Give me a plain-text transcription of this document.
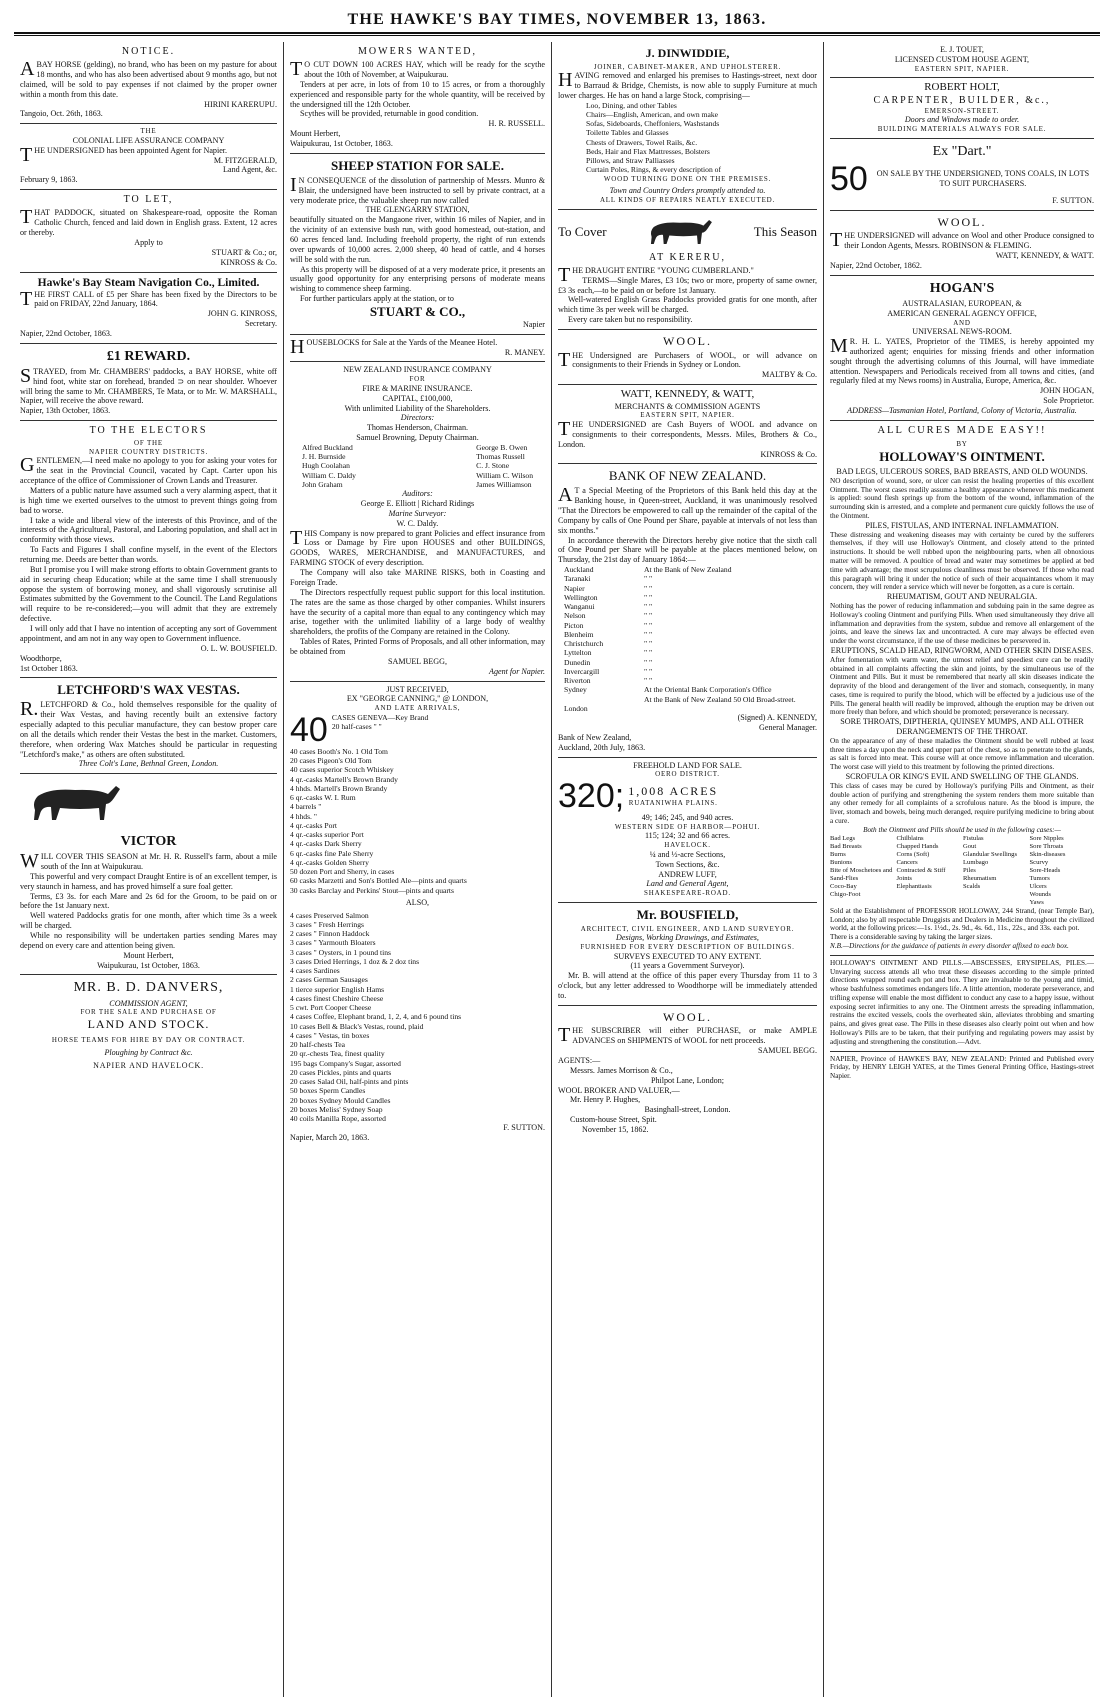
THE HAWKE'S BAY TIMES, NOVEMBER 13, 1863.
NOTICE.
ABAY HORSE (gelding), no brand, who has been on my pasture for about 18 months, and who has also been advertised about 9 months ago, but not claimed, will be sold to pay expenses if not claimed by the proper owner within a month from this date.
HIRINI KARERUPU.
Tangoio, Oct. 26th, 1863.
THE
COLONIAL LIFE ASSURANCE COMPANY
THE UNDERSIGNED has been appointed Agent for Napier.
M. FITZGERALD,
Land Agent, &c.
February 9, 1863.
TO LET,
THAT PADDOCK, situated on Shakespeare-road, opposite the Roman Catholic Church, fenced and laid down in English grass. Extent, 12 acres or thereby.
Apply to
STUART & Co.; or,
KINROSS & Co.
Hawke's Bay Steam Navigation Co., Limited.
THE FIRST CALL of £5 per Share has been fixed by the Directors to be paid on FRIDAY, 22nd January, 1864.
JOHN G. KINROSS,
Secretary.
Napier, 22nd October, 1863.
£1 REWARD.
STRAYED, from Mr. CHAMBERS' paddocks, a BAY HORSE, white off hind foot, white star on forehead, branded ⊃ on near shoulder. Whoever will bring the same to Mr. CHAMBERS, Te Mata, or to Mr. W. MARSHALL, Napier, will receive the above reward.
Napier, 13th October, 1863.
TO THE ELECTORS
OF THE
NAPIER COUNTRY DISTRICTS.
GENTLEMEN,—I need make no apology to you for asking your votes for the seat in the Provincial Council, vacated by Capt. Carter upon his acceptance of the office of Commissioner of Crown Lands and Treasurer.
Matters of a public nature have assumed such a very alarming aspect, that it is high time we exerted ourselves to the utmost to prevent things going from bad to worse.
I take a wide and liberal view of the interests of this Province, and of the interests of the Agricultural, Pastoral, and Laboring population, and shall act in conformity with those views.
To Facts and Figures I shall confine myself, in the event of the Electors returning me. Deeds are better than words.
But I promise you I will make strong efforts to obtain Government grants to aid in securing cheap Education; while at the same time I shall strenuously oppose the system of borrowing money, and shall vigorously scrutinise all Estimates submitted by the Government to the Council. The Land Regulations will require to be re-considered;—you will admit that they are extremely defective.
I will only add that I have no intention of accepting any sort of Government appointment, and am not in any way open to Government influence.
O. L. W. BOUSFIELD.
Woodthorpe,
1st October 1863.
LETCHFORD'S WAX VESTAS.
R.LETCHFORD & Co., hold themselves responsible for the quality of their Wax Vestas, and having recently built an extensive factory especially adapted to this peculiar manufacture, they can bestow proper care on all the details which render their Vestas the best in the market. Customers, therefore, when ordering Wax Matches should be particular in requesting "Letchford's make," as others are often substituted.
Three Colt's Lane, Bethnal Green, London.
VICTOR
WILL COVER THIS SEASON at Mr. H. R. Russell's farm, about a mile south of the Inn at Waipukurau.
This powerful and very compact Draught Entire is of an excellent temper, is very staunch in harness, and has proved himself a sure foal getter.
Terms, £3 3s. for each Mare and 2s 6d for the Groom, to be paid on or before the 1st January next.
Well watered Paddocks gratis for one month, after which time 3s a week will be charged.
While no responsibility will be undertaken parties sending Mares may depend on every care and attention being given.
Mount Herbert,
Waipukurau, 1st October, 1863.
MR. B. D. DANVERS,
COMMISSION AGENT,
FOR THE SALE AND PURCHASE OF
LAND AND STOCK.
HORSE TEAMS FOR HIRE BY DAY OR CONTRACT.
Ploughing by Contract &c.
NAPIER AND HAVELOCK.
MOWERS WANTED,
TO CUT DOWN 100 ACRES HAY, which will be ready for the scythe about the 10th of November, at Waipukurau.
Tenders at per acre, in lots of from 10 to 15 acres, or from a thoroughly experienced and responsible party for the whole quantity, will be received by the undersigned till the 12th October.
Scythes will be provided, returnable in good condition.
H. R. RUSSELL.
Mount Herbert,
Waipukurau, 1st October, 1863.
SHEEP STATION FOR SALE.
IN CONSEQUENCE of the dissolution of partnership of Messrs. Munro & Blair, the undersigned have been instructed to sell by private contract, at a very moderate price, the valuable sheep run now called
THE GLENGARRY STATION,
beautifully situated on the Mangaone river, within 16 miles of Napier, and in the vicinity of an extensive bush run, with good homestead, out-station, and 60 acres fenced land. Including freehold property, the right of run extends over upwards of 10,000 acres. 2,000 sheep, 40 head of cattle, and 4 horses will be sold with the run.
As this property will be disposed of at a very moderate price, it presents an usually good opportunity for any enterprising persons of moderate means wishing to commence sheep farming.
For further particulars apply at the station, or to
STUART & CO.,
Napier
HOUSEBLOCKS for Sale at the Yards of the Meanee Hotel.
R. MANEY.
NEW ZEALAND INSURANCE COMPANY
FOR
FIRE & MARINE INSURANCE.
CAPITAL, £100,000,
With unlimited Liability of the Shareholders.
Directors:
Thomas Henderson, Chairman.
Samuel Browning, Deputy Chairman.
Alfred Buckland
J. H. Burnside
Hugh Coolahan
William C. Daldy
John Graham
George B. Owen
Thomas Russell
C. J. Stone
William C. Wilson
James Williamson
Auditors:
George E. Elliott | Richard Ridings
Marine Surveyor:
W. C. Daldy.
THIS Company is now prepared to grant Policies and effect insurance from Loss or Damage by Fire upon HOUSES and other BUILDINGS, GOODS, WARES, MERCHANDISE, and MANUFACTURES, and FARMING STOCK of every description.
The Company will also take MARINE RISKS, both in Coasting and Foreign Trade.
The Directors respectfully request public support for this local institution. The rates are the same as those charged by other companies. Whilst insurers have the security of a capital more than equal to any contingency which may arise, together with the unlimited liability of a large body of wealthy shareholders, the profits of the Company are retained in the Colony.
Tables of Rates, Printed Forms of Proposals, and all other information, may be obtained from
SAMUEL BEGG,
Agent for Napier.
JUST RECEIVED,
EX "GEORGE CANNING," @ LONDON,
AND LATE ARRIVALS,
40 CASES GENEVA—Key Brand
20 half-cases " "
40 cases Booth's No. 1 Old Tom
20 cases Pigeon's Old Tom
40 cases superior Scotch Whiskey
4 qr.-casks Martell's Brown Brandy
4 hhds. Martell's Brown Brandy
6 qr.-casks W. I. Rum
4 barrels "
4 hhds. "
4 qr.-casks Port
4 qr.-casks superior Port
4 qr.-casks Dark Sherry
6 qr.-casks fine Pale Sherry
4 qr.-casks Golden Sherry
50 dozen Port and Sherry, in cases
60 casks Marzetti and Son's Bottled Ale—pints and quarts
30 casks Barclay and Perkins' Stout—pints and quarts
ALSO,
4 cases Preserved Salmon
3 cases " Fresh Herrings
2 cases " Finnon Haddock
3 cases " Yarmouth Bloaters
3 cases " Oysters, in 1 pound tins
3 cases Dried Herrings, 1 doz & 2 doz tins
4 cases Sardines
2 cases German Sausages
1 tierce superior English Hams
4 cases finest Cheshire Cheese
5 cwt. Port Cooper Cheese
4 cases Coffee, Elephant brand, 1, 2, 4, and 6 pound tins
10 cases Bell & Black's Vestas, round, plaid
4 cases " Vestas, tin boxes
20 half-chests Tea
20 qr.-chests Tea, finest quality
195 bags Company's Sugar, assorted
20 cases Pickles, pints and quarts
20 cases Salad Oil, half-pints and pints
50 boxes Sperm Candles
20 boxes Sydney Mould Candles
20 boxes Meliss' Sydney Soap
40 coils Manilla Rope, assorted
F. SUTTON.
Napier, March 20, 1863.
J. DINWIDDIE,
JOINER, CABINET-MAKER, AND UPHOLSTERER.
HAVING removed and enlarged his premises to Hastings-street, next door to Barraud & Bridge, Chemists, is now able to supply Furniture at much lower charges. He has on hand a large Stock, comprising—
Loo, Dining, and other Tables
Chairs—English, American, and own make
Sofas, Sideboards, Cheffoniers, Washstands
Toilette Tables and Glasses
Chests of Drawers, Towel Rails, &c.
Beds, Hair and Flax Mattresses, Bolsters
Pillows, and Straw Palliasses
Curtain Poles, Rings, & every description of
WOOD TURNING DONE ON THE PREMISES.
Town and Country Orders promptly attended to.
ALL KINDS OF REPAIRS NEATLY EXECUTED.
To Cover	This Season
AT KERERU,
THE DRAUGHT ENTIRE "YOUNG CUMBERLAND."
TERMS—Single Mares, £3 10s; two or more, property of same owner, £3 3s each,—to be paid on or before 1st January.
Well-watered English Grass Paddocks provided gratis for one month, after which time 3s per week will be charged.
Every care taken but no responsibility.
WOOL.
THE Undersigned are Purchasers of WOOL, or will advance on consignments to their Friends in Sydney or London.
MALTBY & Co.
WATT, KENNEDY, & WATT,
MERCHANTS & COMMISSION AGENTS
EASTERN SPIT, NAPIER.
THE UNDERSIGNED are Cash Buyers of WOOL and advance on consignments to their correspondents, Messrs. Miles, Brothers & Co., London.
KINROSS & Co.
BANK OF NEW ZEALAND.
AT a Special Meeting of the Proprietors of this Bank held this day at the Banking house, in Queen-street, Auckland, it was unanimously resolved "That the Directors be empowered to call up the remainder of the capital of the Company by calls of One Pound per Share, payable at intervals of not less than six months."
In accordance therewith the Directors hereby give notice that the sixth call of One Pound per Share will be payable at the places mentioned below, on Thursday, the 21st day of January 1864:—
Auckland
Taranaki
Napier
Wellington
Wanganui
Nelson
Picton
Blenheim
Christchurch
Lyttelton
Dunedin
Invercargill
Riverton
Sydney

London
At the Bank of New Zealand
" "
" "
" "
" "
" "
" "
" "
" "
" "
" "
" "
" "
At the Oriental Bank Corporation's Office
At the Bank of New Zealand 50 Old Broad-street.
(Signed) A. KENNEDY,
General Manager.
Bank of New Zealand,
Auckland, 20th July, 1863.
FREEHOLD LAND FOR SALE.
OERO DISTRICT.
320; 1,008 ACRES
RUATANIWHA PLAINS.
49; 146; 245, and 940 acres.
WESTERN SIDE OF HARBOR—POHUI.
115; 124; 32 and 66 acres.
HAVELOCK.
¼ and ½-acre Sections,
Town Sections, &c.
ANDREW LUFF,
Land and General Agent,
SHAKESPEARE-ROAD.
Mr. BOUSFIELD,
ARCHITECT, CIVIL ENGINEER, AND LAND SURVEYOR.
Designs, Working Drawings, and Estimates,
FURNISHED FOR EVERY DESCRIPTION OF BUILDINGS.
SURVEYS EXECUTED TO ANY EXTENT.
(11 years a Government Surveyor).
Mr. B. will attend at the office of this paper every Thursday from 11 to 3 o'clock, but any letter addressed to Woodthorpe will be immediately attended to.
WOOL.
THE SUBSCRIBER will either PURCHASE, or make AMPLE ADVANCES on SHIPMENTS of WOOL for nett proceeds.
SAMUEL BEGG.
AGENTS:—
Messrs. James Morrison & Co.,
Philpot Lane, London;
WOOL BROKER AND VALUER,—
Mr. Henry P. Hughes,
Basinghall-street, London.
Custom-house Street, Spit.
November 15, 1862.
E. J. TOUET,
LICENSED CUSTOM HOUSE AGENT,
EASTERN SPIT, NAPIER.
ROBERT HOLT,
CARPENTER, BUILDER, &c.,
EMERSON-STREET.
Doors and Windows made to order.
BUILDING MATERIALS ALWAYS FOR SALE.
Ex "Dart."
50	ON SALE BY THE UNDERSIGNED, TONS COALS, IN LOTS TO SUIT PURCHASERS.
F. SUTTON.
WOOL.
THE UNDERSIGNED will advance on Wool and other Produce consigned to their London Agents, Messrs. ROBINSON & FLEMING.
WATT, KENNEDY, & WATT.
Napier, 22nd October, 1862.
HOGAN'S
AUSTRALASIAN, EUROPEAN, &
AMERICAN GENERAL AGENCY OFFICE,
AND
UNIVERSAL NEWS-ROOM.
MR. H. L. YATES, Proprietor of the TIMES, is hereby appointed my authorized agent; enquiries for missing friends and other information sought through the advertising columns of this Journal, will have immediate attention. Newspapers and Periodicals received from all towns and cities, (and regularly filed at my News rooms) in Australia, Europe, America, &c.
JOHN HOGAN,
Sole Proprietor.
ADDRESS—Tasmanian Hotel, Portland, Colony of Victoria, Australia.
ALL CURES MADE EASY!!
BY
HOLLOWAY'S OINTMENT.
BAD LEGS, ULCEROUS SORES, BAD BREASTS, AND OLD WOUNDS.
NO description of wound, sore, or ulcer can resist the healing properties of this excellent Ointment. The worst cases readily assume a healthy appearance whenever this medicament is applied: sound flesh springs up from the bottom of the wound, inflammation of the surrounding skin is arrested, and a complete and permanent cure quickly follows the use of the Ointment.
PILES, FISTULAS, AND INTERNAL INFLAMMATION.
These distressing and weakening diseases may with certainty be cured by the sufferers themselves, if they will use Holloway's Ointment, and closely attend to the printed instructions. It should be well rubbed upon the neighbouring parts, when all obnoxious matter will be removed. A poultice of bread and water may sometimes be applied at bed time with advantage; the most scrupulous cleanliness must be observed. If those who read this paragraph will bring it under the notice of such of their acquaintances whom it may concern, they will render a service which will never be forgotten, as a cure is certain.
RHEUMATISM, GOUT AND NEURALGIA.
Nothing has the power of reducing inflammation and subduing pain in the same degree as Holloway's cooling Ointment and purifying Pills. When used simultaneously they drive all inflammation and depravities from the system, subdue and remove all enlargement of the joints, and leave the sinews lax and uncontracted. A cure may always be effected even under the worst circumstance, if the use of these medicines be persevered in.
ERUPTIONS, SCALD HEAD, RINGWORM, AND OTHER SKIN DISEASES.
After fomentation with warm water, the utmost relief and speediest cure can be readily obtained in all complaints affecting the skin and joints, by the simultaneous use of the Ointment and Pills. But it must be remembered that nearly all skin diseases indicate the depravity of the blood and derangement of the liver and stomach, consequently, in many cases, time is required to purify the blood, which will be effected by a judicious use of the Pills. The general health will readily be improved, although the eruption may be driven out more freely than before, and which should be promoted; perseverance is necessary.
SORE THROATS, DIPTHERIA, QUINSEY MUMPS, AND ALL OTHER DERANGEMENTS OF THE THROAT.
On the appearance of any of these maladies the Ointment should be well rubbed at least three times a day upon the neck and upper part of the chest, so as to penetrate to the glands, as salt is forced into meat. This course will at once remove inflammation and ulceration. The worst case will yield to this treatment by following the printed directions.
SCROFULA OR KING'S EVIL AND SWELLING OF THE GLANDS.
This class of cases may be cured by Holloway's purifying Pills and Ointment, as their double action of purifying and strengthening the system renders them more suitable than any other remedy for all complaints of a scrofulous nature. As the blood is impure, the liver, stomach and bowels, being much deranged, require purifying medicine to bring about a cure.
Both the Ointment and Pills should be used in the following cases:—
Bad Legs
Bad Breasts
Burns
Bunions
Bite of Moschetoes and Sand-Flies
Coco-Bay
Chigo-Foot
Chilblains
Chapped Hands
Corns (Soft)
Cancers
Contracted & Stiff Joints
Elephantiasis
Fistulas
Gout
Glandular Swellings
Lumbago
Piles
Rheumatism
Scalds
Sore Nipples
Sore Throats
Skin-diseases
Scurvy
Sore-Heads
Tumors
Ulcers
Wounds
Yaws
Sold at the Establishment of PROFESSOR HOLLOWAY, 244 Strand, (near Temple Bar), London; also by all respectable Druggists and Dealers in Medicine throughout the civilized world, at the following prices:—1s. 1½d., 2s. 9d., 4s. 6d., 11s., 22s., and 33s. each pot.
There is a considerable saving by taking the larger sizes.
N.B.—Directions for the guidance of patients in every disorder affixed to each box.
HOLLOWAY'S OINTMENT AND PILLS.—ABSCESSES, ERYSIPELAS, PILES.—Unvarying success attends all who treat these diseases according to the simple printed directions wrapped round each pot and box. They are invaluable to the young and timid, whose bashfulness sometimes endangers life. A little attention, moderate perseverance, and trifling expense will enable the most diffident to conduct any case to a happy issue, without exposing secret infirmities to any one. The Ointment arrests the spreading inflammation, restrains the excited vessels, cools the overheated skin, alleviates throbbing and smarting pains, and gives great ease. The Pills in these diseases also clearly point out when and how Holloway's Pills are to be taken, that their purifying and regulating powers may assist by adjusting and strengthening the constitution.—Advt.
NAPIER, Province of HAWKE'S BAY, NEW ZEALAND: Printed and Published every Friday, by HENRY LEIGH YATES, at the Times General Printing Office, Hastings-street Napier.
